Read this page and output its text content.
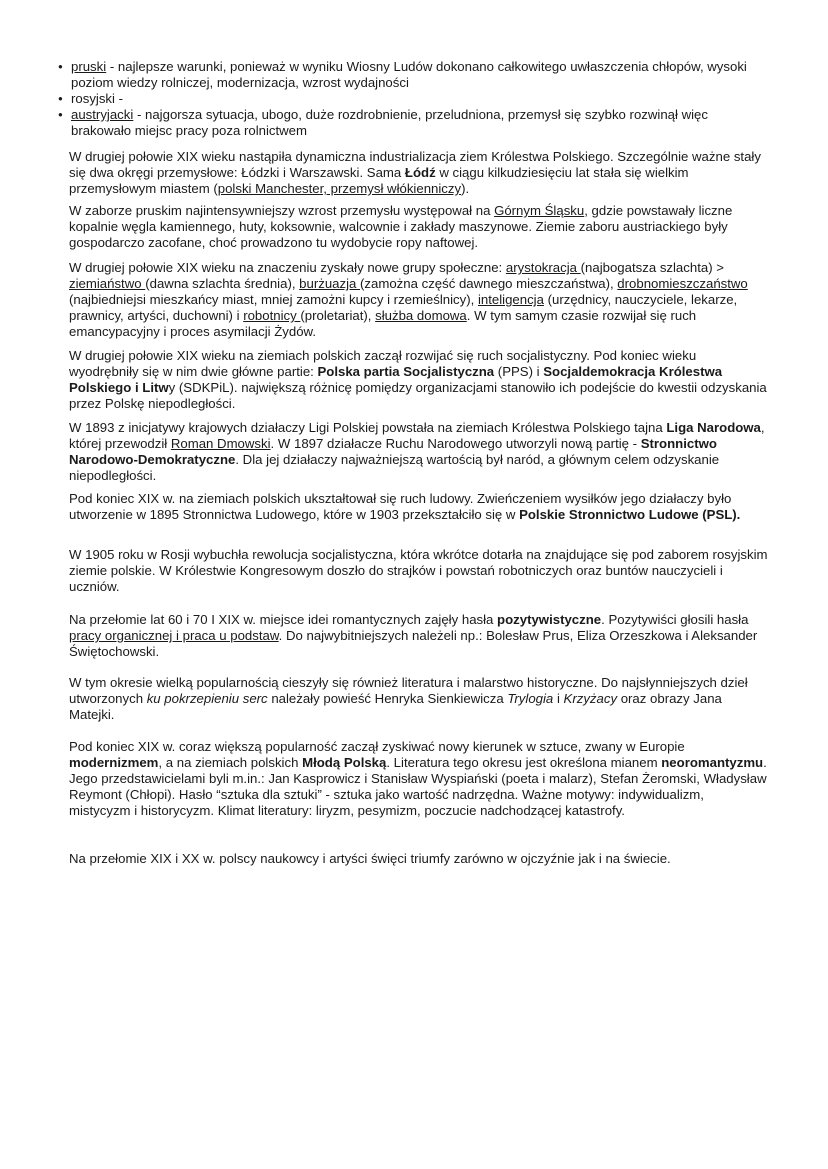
● pruski - najlepsze warunki, ponieważ w wyniku Wiosny Ludów dokonano całkowitego uwłaszczenia chłopów, wysoki poziom wiedzy rolniczej, modernizacja, wzrost wydajności
● rosyjski -
● austryjacki - najgorsza sytuacja, ubogo, duże rozdrobnienie, przeludniona, przemysł się szybko rozwinął więc brakowało miejsc pracy poza rolnictwem

W drugiej połowie XIX wieku nastąpiła dynamiczna industrializacja ziem Królestwa Polskiego. Szczególnie ważne stały się dwa okręgi przemysłowe: Łódzki i Warszawski. Sama Łódź w ciągu kilkudziesięciu lat stała się wielkim przemysłowym miastem (polski Manchester, przemysł włókienniczy).

W zaborze pruskim najintensywniejszy wzrost przemysłu występował na Górnym Śląsku, gdzie powstawały liczne kopalnie węgla kamiennego, huty, koksownie, walcownie i zakłady maszynowe. Ziemie zaboru austriackiego były gospodarczo zacofane, choć prowadzono tu wydobycie ropy naftowej.

W drugiej połowie XIX wieku na znaczeniu zyskały nowe grupy społeczne: arystokracja (najbogatsza szlachta) > ziemiaństwo (dawna szlachta średnia), burżuazja (zamożna część dawnego mieszczaństwa), drobnomieszczaństwo (najbiedniejsi mieszkańcy miast, mniej zamożni kupcy i rzemieślnicy), inteligencja (urzędnicy, nauczyciele, lekarze, prawnicy, artyści, duchowni) i robotnicy (proletariat), służba domowa. W tym samym czasie rozwijał się ruch emancypacyjny i proces asymilacji Żydów.

W drugiej połowie XIX wieku na ziemiach polskich zaczął rozwijać się ruch socjalistyczny. Pod koniec wieku wyodrębniły się w nim dwie główne partie: Polska partia Socjalistyczna (PPS) i Socjaldemokracja Królestwa Polskiego i Litwy (SDKPiL). największą różnicę pomiędzy organizacjami stanowiło ich podejście do kwestii odzyskania przez Polskę niepodległości.

W 1893 z inicjatywy krajowych działaczy Ligi Polskiej powstała na ziemiach Królestwa Polskiego tajna Liga Narodowa, której przewodził Roman Dmowski. W 1897 działacze Ruchu Narodowego utworzyli nową partię - Stronnictwo Narodowo-Demokratyczne. Dla jej działaczy najważniejszą wartością był naród, a głównym celem odzyskanie niepodległości.

Pod koniec XIX w. na ziemiach polskich ukształtował się ruch ludowy. Zwieńczeniem wysiłków jego działaczy było utworzenie w 1895 Stronnictwa Ludowego, które w 1903 przekształciło się w Polskie Stronnictwo Ludowe (PSL).

W 1905 roku w Rosji wybuchła rewolucja socjalistyczna, która wkrótce dotarła na znajdujące się pod zaborem rosyjskim ziemie polskie. W Królestwie Kongresowym doszło do strajków i powstań robotniczych oraz buntów nauczycieli i uczniów.

Na przełomie lat 60 i 70 I XIX w. miejsce idei romantycznych zajęły hasła pozytywistyczne. Pozytywiści głosili hasła pracy organicznej i praca u podstaw. Do najwybitniejszych należeli np.: Bolesław Prus, Eliza Orzeszkowa i Aleksander Świętochowski.

W tym okresie wielką popularnością cieszyły się również literatura i malarstwo historyczne. Do najsłynniejszych dzieł utworzonych ku pokrzepieniu serc należały powieść Henryka Sienkiewicza Trylogia i Krzyżacy oraz obrazy Jana Matejki.

Pod koniec XIX w. coraz większą popularność zaczął zyskiwać nowy kierunek w sztuce, zwany w Europie modernizmem, a na ziemiach polskich Młodą Polską. Literatura tego okresu jest określona mianem neoromantyzmu. Jego przedstawicielami byli m.in.: Jan Kasprowicz i Stanisław Wyspiański (poeta i malarz), Stefan Żeromski, Władysław Reymont (Chłopi). Hasło “sztuka dla sztuki” - sztuka jako wartość nadrzędna. Ważne motywy: indywidualizm, mistycyzm i historycyzm. Klimat literatury: liryzm, pesymizm, poczucie nadchodzącej katastrofy.

Na przełomie XIX i XX w. polscy naukowcy i artyści święci triumfy zarówno w ojczyźnie jak i na świecie.
